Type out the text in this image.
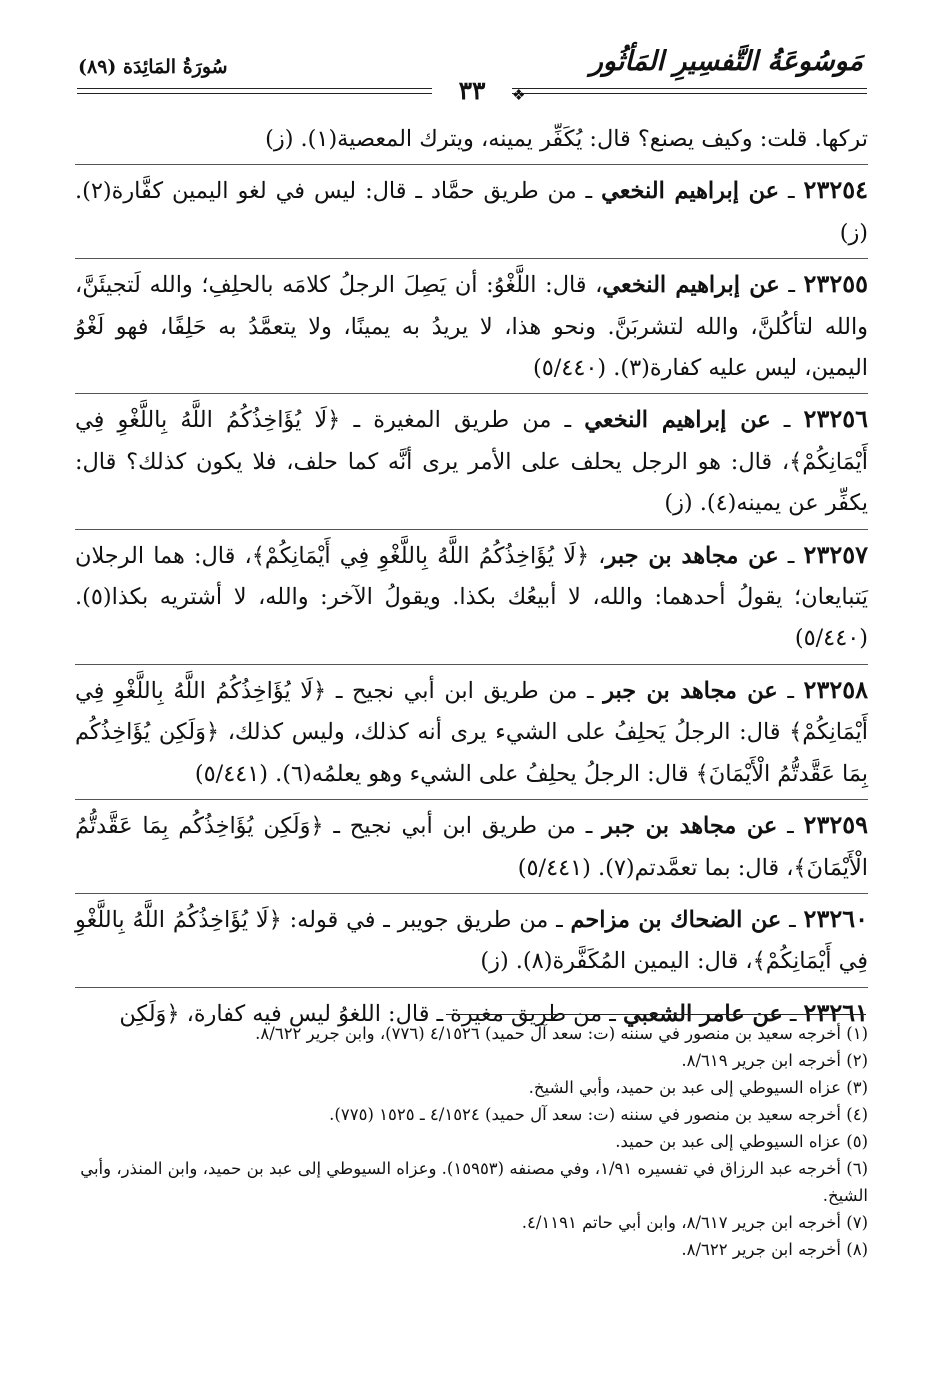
مَوسُوعَةُ التَّفسِيرِ المَأثُور
سُورَةُ المَائِدَة (٨٩)
٣٣	❖
تركها. قلت: وكيف يصنع؟ قال: يُكَفِّر يمينه، ويترك المعصية(١). (ز)
٢٣٢٥٤ ـ عن إبراهيم النخعي ـ من طريق حمَّاد ـ قال: ليس في لغو اليمين كفَّارة(٢). (ز)
٢٣٢٥٥ ـ عن إبراهيم النخعي، قال: اللَّغْوُ: أن يَصِلَ الرجلُ كلامَه بالحلِفِ؛ والله لَتجيئَنَّ، والله لتأكُلنَّ، والله لتشربَنَّ. ونحو هذا، لا يريدُ به يمينًا، ولا يتعمَّدُ به حَلِفًا، فهو لَغْوُ اليمين، ليس عليه كفارة(٣). (٥/٤٤٠)
٢٣٢٥٦ ـ عن إبراهيم النخعي ـ من طريق المغيرة ـ ﴿لَا يُؤَاخِذُكُمُ اللَّهُ بِاللَّغْوِ فِي أَيْمَانِكُمْ﴾، قال: هو الرجل يحلف على الأمر يرى أنَّه كما حلف، فلا يكون كذلك؟ قال: يكفِّر عن يمينه(٤). (ز)
٢٣٢٥٧ ـ عن مجاهد بن جبر، ﴿لَا يُؤَاخِذُكُمُ اللَّهُ بِاللَّغْوِ فِي أَيْمَانِكُمْ﴾، قال: هما الرجلان يَتبايعان؛ يقولُ أحدهما: والله، لا أبيعُك بكذا. ويقولُ الآخر: والله، لا أشتريه بكذا(٥). (٥/٤٤٠)
٢٣٢٥٨ ـ عن مجاهد بن جبر ـ من طريق ابن أبي نجيح ـ ﴿لَا يُؤَاخِذُكُمُ اللَّهُ بِاللَّغْوِ فِي أَيْمَانِكُمْ﴾ قال: الرجلُ يَحلِفُ على الشيء يرى أنه كذلك، وليس كذلك، ﴿وَلَكِن يُؤَاخِذُكُم بِمَا عَقَّدتُّمُ الْأَيْمَانَ﴾ قال: الرجلُ يحلِفُ على الشيء وهو يعلمُه(٦). (٥/٤٤١)
٢٣٢٥٩ ـ عن مجاهد بن جبر ـ من طريق ابن أبي نجيح ـ ﴿وَلَكِن يُؤَاخِذُكُم بِمَا عَقَّدتُّمُ الْأَيْمَانَ﴾، قال: بما تعمَّدتم(٧). (٥/٤٤١)
٢٣٢٦٠ ـ عن الضحاك بن مزاحم ـ من طريق جويبر ـ في قوله: ﴿لَا يُؤَاخِذُكُمُ اللَّهُ بِاللَّغْوِ فِي أَيْمَانِكُمْ﴾، قال: اليمين المُكَفَّرة(٨). (ز)
٢٣٢٦١ ـ عن عامر الشعبي ـ من طريق مغيرة ـ قال: اللغوُ ليس فيه كفارة، ﴿وَلَكِن
(١) أخرجه سعيد بن منصور في سننه (ت: سعد آل حميد) ٤/١٥٢٦ (٧٧٦)، وابن جرير ٨/٦٢٢.
(٢) أخرجه ابن جرير ٨/٦١٩.
(٣) عزاه السيوطي إلى عبد بن حميد، وأبي الشيخ.
(٤) أخرجه سعيد بن منصور في سننه (ت: سعد آل حميد) ٤/١٥٢٤ ـ ١٥٢٥ (٧٧٥).
(٥) عزاه السيوطي إلى عبد بن حميد.
(٦) أخرجه عبد الرزاق في تفسيره ١/٩١، وفي مصنفه (١٥٩٥٣). وعزاه السيوطي إلى عبد بن حميد، وابن المنذر، وأبي الشيخ.
(٧) أخرجه ابن جرير ٨/٦١٧، وابن أبي حاتم ٤/١١٩١.
(٨) أخرجه ابن جرير ٨/٦٢٢.
